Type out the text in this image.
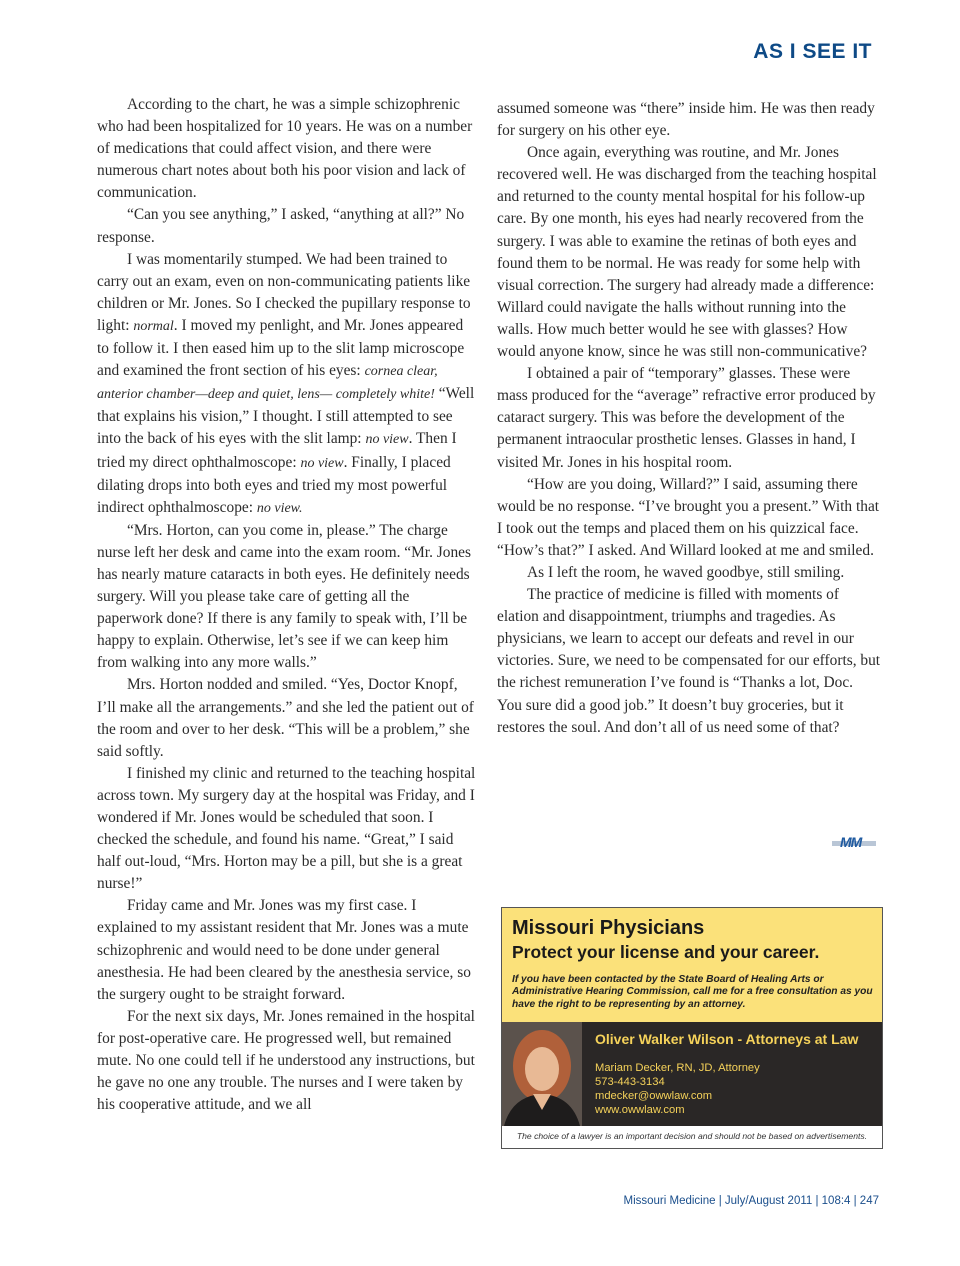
AS I SEE IT

According to the chart, he was a simple schizophrenic who had been hospitalized for 10 years. He was on a number of medications that could affect vision, and there were numerous chart notes about both his poor vision and lack of communication.

“Can you see anything,” I asked, “anything at all?” No response.

I was momentarily stumped. We had been trained to carry out an exam, even on non-communicating patients like children or Mr. Jones. So I checked the pupillary response to light: normal. I moved my penlight, and Mr. Jones appeared to follow it. I then eased him up to the slit lamp microscope and examined the front section of his eyes: cornea clear, anterior chamber—deep and quiet, lens— completely white! “Well that explains his vision,” I thought. I still attempted to see into the back of his eyes with the slit lamp: no view. Then I tried my direct ophthalmoscope: no view. Finally, I placed dilating drops into both eyes and tried my most powerful indirect ophthalmoscope: no view.

“Mrs. Horton, can you come in, please.” The charge nurse left her desk and came into the exam room. “Mr. Jones has nearly mature cataracts in both eyes. He definitely needs surgery. Will you please take care of getting all the paperwork done? If there is any family to speak with, I’ll be happy to explain. Otherwise, let’s see if we can keep him from walking into any more walls.”

Mrs. Horton nodded and smiled. “Yes, Doctor Knopf, I’ll make all the arrangements.” and she led the patient out of the room and over to her desk. “This will be a problem,” she said softly.

I finished my clinic and returned to the teaching hospital across town. My surgery day at the hospital was Friday, and I wondered if Mr. Jones would be scheduled that soon. I checked the schedule, and found his name. “Great,” I said half out-loud, “Mrs. Horton may be a pill, but she is a great nurse!”

Friday came and Mr. Jones was my first case. I explained to my assistant resident that Mr. Jones was a mute schizophrenic and would need to be done under general anesthesia. He had been cleared by the anesthesia service, so the surgery ought to be straight forward.

For the next six days, Mr. Jones remained in the hospital for post-operative care. He progressed well, but remained mute. No one could tell if he understood any instructions, but he gave no one any trouble. The nurses and I were taken by his cooperative attitude, and we all

assumed someone was “there” inside him. He was then ready for surgery on his other eye.

Once again, everything was routine, and Mr. Jones recovered well. He was discharged from the teaching hospital and returned to the county mental hospital for his follow-up care. By one month, his eyes had nearly recovered from the surgery. I was able to examine the retinas of both eyes and found them to be normal. He was ready for some help with visual correction. The surgery had already made a difference: Willard could navigate the halls without running into the walls. How much better would he see with glasses? How would anyone know, since he was still non-communicative?

I obtained a pair of “temporary” glasses. These were mass produced for the “average” refractive error produced by cataract surgery. This was before the development of the permanent intraocular prosthetic lenses. Glasses in hand, I visited Mr. Jones in his hospital room.

“How are you doing, Willard?” I said, assuming there would be no response. “I’ve brought you a present.” With that I took out the temps and placed them on his quizzical face. “How’s that?” I asked. And Willard looked at me and smiled.

As I left the room, he waved goodbye, still smiling.

The practice of medicine is filled with moments of elation and disappointment, triumphs and tragedies. As physicians, we learn to accept our defeats and revel in our victories. Sure, we need to be compensated for our efforts, but the richest remuneration I’ve found is “Thanks a lot, Doc. You sure did a good job.” It doesn’t buy groceries, but it restores the soul. And don’t all of us need some of that?

MM
Missouri Physicians
Protect your license and your career.
If you have been contacted by the State Board of Healing Arts or Administrative Hearing Commission, call me for a free consultation as you have the right to be representing by an attorney.
Oliver Walker Wilson - Attorneys at Law
Mariam Decker, RN, JD, Attorney
573-443-3134
mdecker@owwlaw.com
www.owwlaw.com
The choice of a lawyer is an important decision and should not be based on advertisements.
Missouri Medicine | July/August 2011 | 108:4 | 247
